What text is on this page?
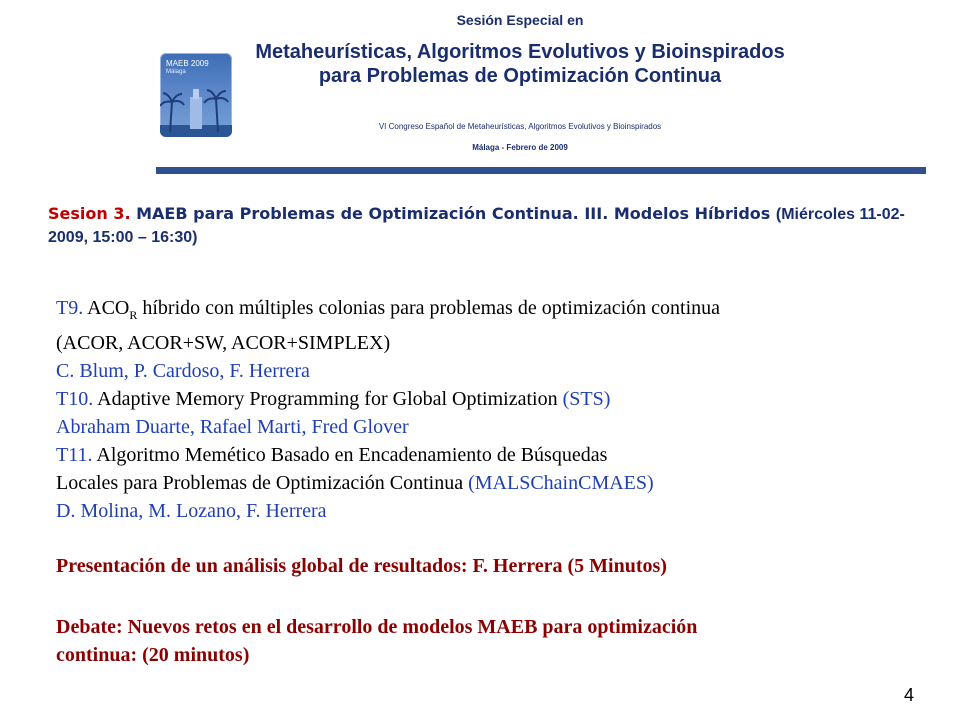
MAEB 2009
Málaga
Sesión Especial en
Metaheurísticas, Algoritmos Evolutivos y Bioinspirados para Problemas de Optimización Continua
VI Congreso Español de Metaheurísticas, Algoritmos Evolutivos y Bioinspirados
Málaga - Febrero de 2009
Sesion 3. MAEB para Problemas de Optimización Continua. III. Modelos Híbridos (Miércoles 11-02-2009, 15:00 – 16:30)
T9. $ACO_R$ híbrido con múltiples colonias para problemas de optimización continua
(ACOR, ACOR+SW, ACOR+SIMPLEX)
C. Blum, P. Cardoso, F. Herrera
T10. Adaptive Memory Programming for Global Optimization (STS)
Abraham Duarte, Rafael Marti, Fred Glover
T11. Algoritmo Memético Basado en Encadenamiento de Búsquedas
Locales para Problemas de Optimización Continua (MALSChainCMAES)
D. Molina, M. Lozano, F. Herrera
Presentación de un análisis global de resultados: F. Herrera (5 Minutos)
Debate: Nuevos retos en el desarrollo de modelos MAEB para optimización
continua: (20 minutos)
4
